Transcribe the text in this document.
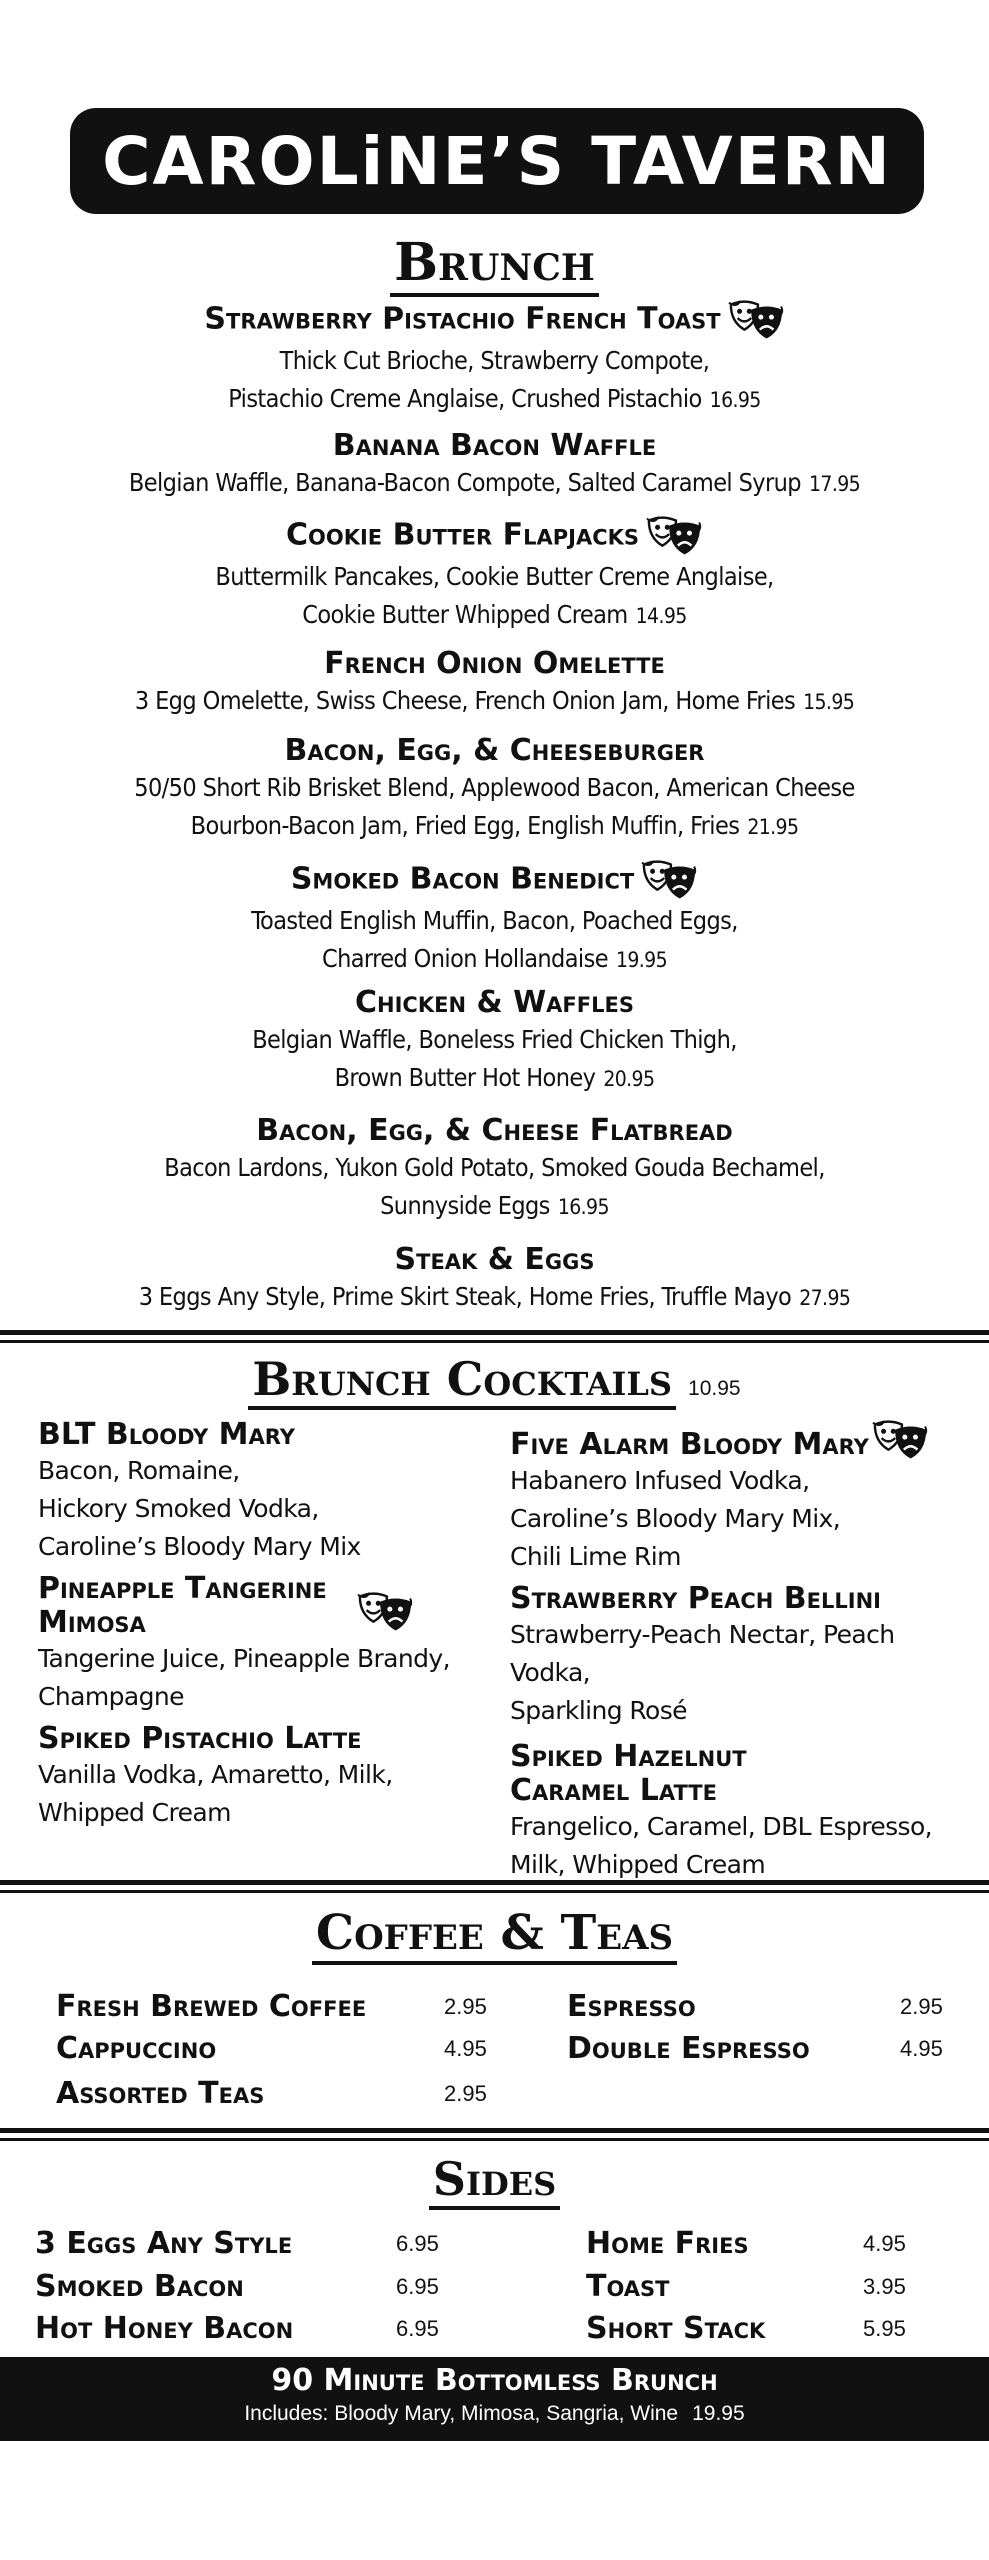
CAROLiNE’S TAVERN
Brunch
Strawberry Pistachio French Toast
Thick Cut Brioche, Strawberry Compote,
Pistachio Creme Anglaise, Crushed Pistachio 16.95
Banana Bacon Waffle
Belgian Waffle, Banana-Bacon Compote, Salted Caramel Syrup 17.95
Cookie Butter Flapjacks
Buttermilk Pancakes, Cookie Butter Creme Anglaise,
Cookie Butter Whipped Cream 14.95
French Onion Omelette
3 Egg Omelette, Swiss Cheese, French Onion Jam, Home Fries 15.95
Bacon, Egg, & Cheeseburger
50/50 Short Rib Brisket Blend, Applewood Bacon, American Cheese
Bourbon-Bacon Jam, Fried Egg, English Muffin, Fries 21.95
Smoked Bacon Benedict
Toasted English Muffin, Bacon, Poached Eggs,
Charred Onion Hollandaise 19.95
Chicken & Waffles
Belgian Waffle, Boneless Fried Chicken Thigh,
Brown Butter Hot Honey 20.95
Bacon, Egg, & Cheese Flatbread
Bacon Lardons, Yukon Gold Potato, Smoked Gouda Bechamel,
Sunnyside Eggs 16.95
Steak & Eggs
3 Eggs Any Style, Prime Skirt Steak, Home Fries, Truffle Mayo 27.95
Brunch Cocktails 10.95
BLT Bloody Mary
Bacon, Romaine,
Hickory Smoked Vodka,
Caroline’s Bloody Mary Mix
Pineapple Tangerine
Mimosa
Tangerine Juice, Pineapple Brandy,
Champagne
Spiked Pistachio Latte
Vanilla Vodka, Amaretto, Milk,
Whipped Cream
Five Alarm Bloody Mary
Habanero Infused Vodka,
Caroline’s Bloody Mary Mix,
Chili Lime Rim
Strawberry Peach Bellini
Strawberry-Peach Nectar, Peach Vodka,
Sparkling Rosé
Spiked Hazelnut
Caramel Latte
Frangelico, Caramel, DBL Espresso,
Milk, Whipped Cream
Coffee & Teas
Fresh Brewed Coffee	2.95
Cappuccino	4.95
Assorted Teas	2.95
Espresso	2.95
Double Espresso	4.95
Sides
3 Eggs Any Style	6.95
Smoked Bacon	6.95
Hot Honey Bacon	6.95
Home Fries	4.95
Toast	3.95
Short Stack	5.95
90 Minute Bottomless Brunch
Includes: Bloody Mary, Mimosa, Sangria, Wine 19.95
